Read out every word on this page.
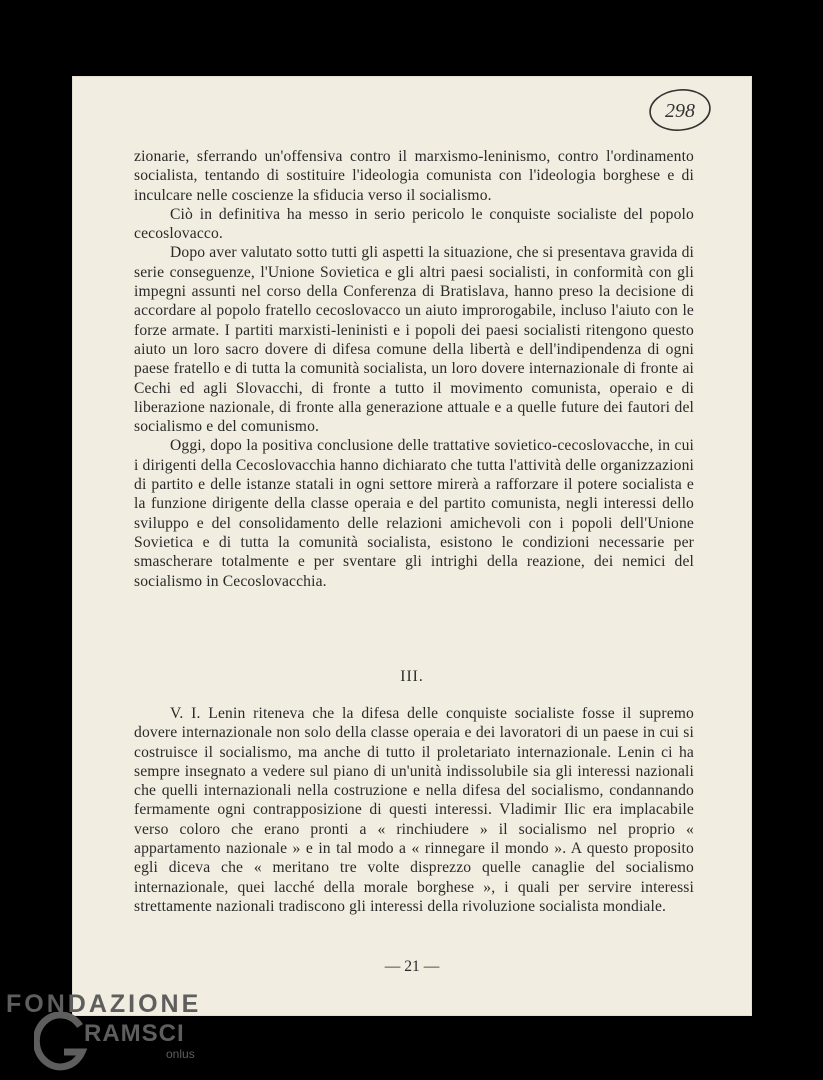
298

zionarie, sferrando un'offensiva contro il marxismo-leninismo, contro l'ordinamento socialista, tentando di sostituire l'ideologia comunista con l'ideologia borghese e di inculcare nelle coscienze la sfiducia verso il socialismo.

Ciò in definitiva ha messo in serio pericolo le conquiste socialiste del popolo cecoslovacco.

Dopo aver valutato sotto tutti gli aspetti la situazione, che si presentava gravida di serie conseguenze, l'Unione Sovietica e gli altri paesi socialisti, in conformità con gli impegni assunti nel corso della Conferenza di Bratislava, hanno preso la decisione di accordare al popolo fratello cecoslovacco un aiuto improrogabile, incluso l'aiuto con le forze armate. I partiti marxisti-leninisti e i popoli dei paesi socialisti ritengono questo aiuto un loro sacro dovere di difesa comune della libertà e dell'indipendenza di ogni paese fratello e di tutta la comunità socialista, un loro dovere internazionale di fronte ai Cechi ed agli Slovacchi, di fronte a tutto il movimento comunista, operaio e di liberazione nazionale, di fronte alla generazione attuale e a quelle future dei fautori del socialismo e del comunismo.

Oggi, dopo la positiva conclusione delle trattative sovietico-cecoslovacche, in cui i dirigenti della Cecoslovacchia hanno dichiarato che tutta l'attività delle organizzazioni di partito e delle istanze statali in ogni settore mirerà a rafforzare il potere socialista e la funzione dirigente della classe operaia e del partito comunista, negli interessi dello sviluppo e del consolidamento delle relazioni amichevoli con i popoli dell'Unione Sovietica e di tutta la comunità socialista, esistono le condizioni necessarie per smascherare totalmente e per sventare gli intrighi della reazione, dei nemici del socialismo in Cecoslovacchia.

III.

V. I. Lenin riteneva che la difesa delle conquiste socialiste fosse il supremo dovere internazionale non solo della classe operaia e dei lavoratori di un paese in cui si costruisce il socialismo, ma anche di tutto il proletariato internazionale. Lenin ci ha sempre insegnato a vedere sul piano di un'unità indissolubile sia gli interessi nazionali che quelli internazionali nella costruzione e nella difesa del socialismo, condannando fermamente ogni contrapposizione di questi interessi. Vladimir Ilic era implacabile verso coloro che erano pronti a « rinchiudere » il socialismo nel proprio « appartamento nazionale » e in tal modo a « rinnegare il mondo ». A questo proposito egli diceva che « meritano tre volte disprezzo quelle canaglie del socialismo internazionale, quei lacché della morale borghese », i quali per servire interessi strettamente nazionali tradiscono gli interessi della rivoluzione socialista mondiale.

— 21 —
FONDAZIONE
RAMSCI
onlus
